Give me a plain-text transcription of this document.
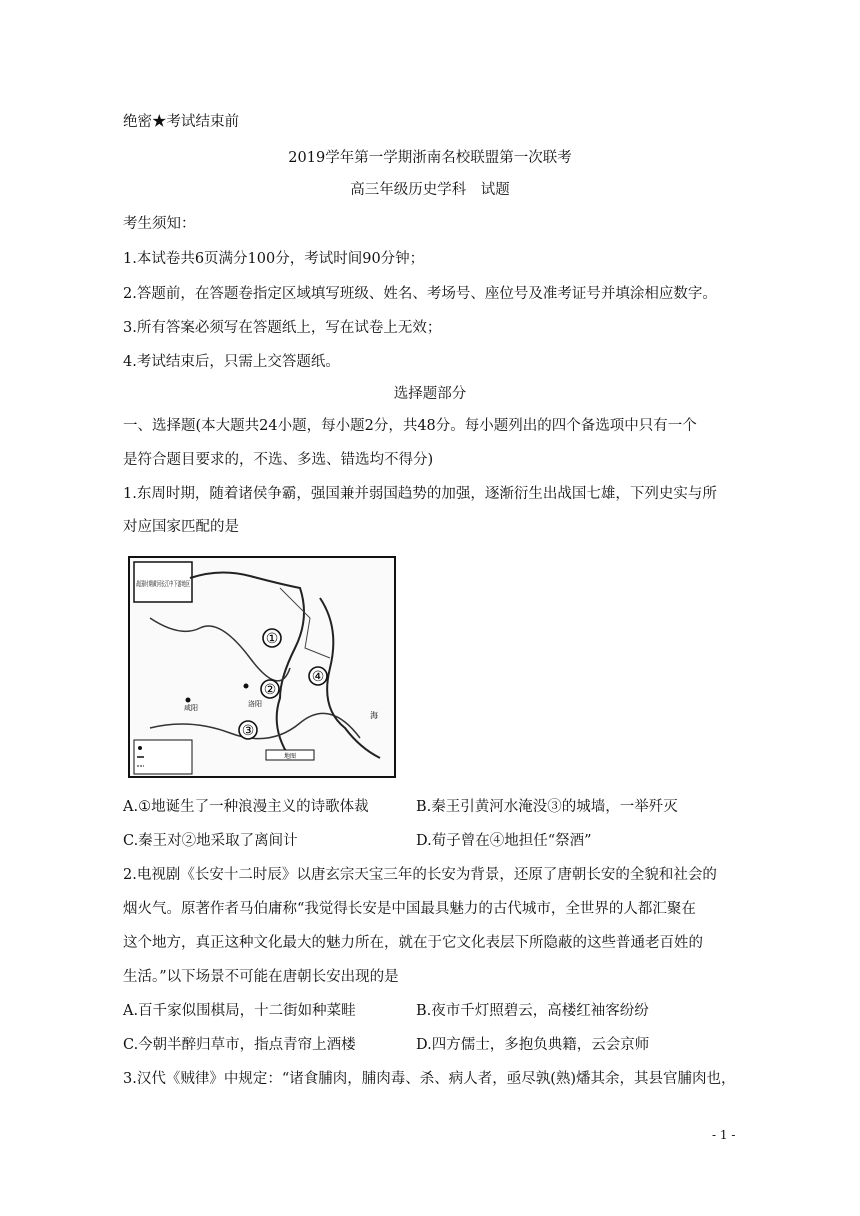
绝密★考试结束前
2019学年第一学期浙南名校联盟第一次联考
高三年级历史学科　试题
考生须知：
1.本试卷共6页满分100分，考试时间90分钟；
2.答题前，在答题卷指定区域填写班级、姓名、考场号、座位号及准考证号并填涂相应数字。
3.所有答案必须写在答题纸上，写在试卷上无效；
4.考试结束后，只需上交答题纸。
选择题部分
一、选择题(本大题共24小题，每小题2分，共48分。每小题列出的四个备选项中只有一个
是符合题目要求的，不选、多选、错选均不得分)
1.东周时期，随着诸侯争霸，强国兼并弱国趋势的加强，逐渐衍生出战国七雄，下列史实与所
对应国家匹配的是
战国时期黄河长江中下游地区
①
②
③
④
洛阳
咸阳
海
地图
A.①地诞生了一种浪漫主义的诗歌体裁	B.秦王引黄河水淹没③的城墙，一举歼灭
C.秦王对②地采取了离间计	D.荀子曾在④地担任“祭酒”
2.电视剧《长安十二时辰》以唐玄宗天宝三年的长安为背景，还原了唐朝长安的全貌和社会的
烟火气。原著作者马伯庸称“我觉得长安是中国最具魅力的古代城市，全世界的人都汇聚在
这个地方，真正这种文化最大的魅力所在，就在于它文化表层下所隐蔽的这些普通老百姓的
生活。”以下场景不可能在唐朝长安出现的是
A.百千家似围棋局，十二街如种菜畦	B.夜市千灯照碧云，高楼红袖客纷纷
C.今朝半醉归草市，指点青帘上酒楼	D.四方儒士，多抱负典籍，云会京师
3.汉代《贼律》中规定：“诸食脯肉，脯肉毒、杀、病人者，亟尽孰(熟)燔其余，其县官脯肉也，
- 1 -
